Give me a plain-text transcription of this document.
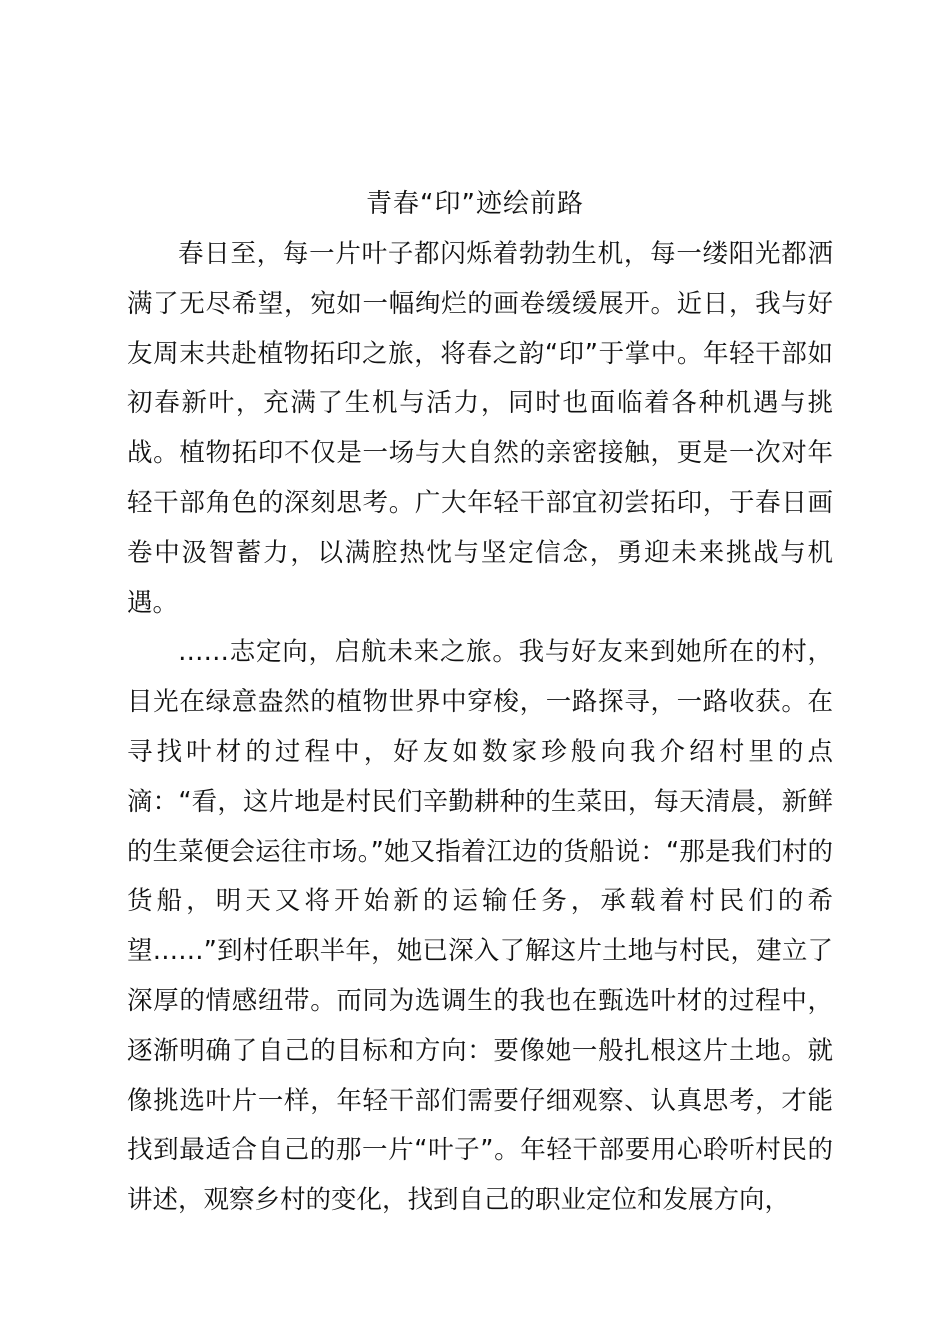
青春“印”迹绘前路

春日至，每一片叶子都闪烁着勃勃生机，每一缕阳光都洒满了无尽希望，宛如一幅绚烂的画卷缓缓展开。近日，我与好友周末共赴植物拓印之旅，将春之韵“印”于掌中。年轻干部如初春新叶，充满了生机与活力，同时也面临着各种机遇与挑战。植物拓印不仅是一场与大自然的亲密接触，更是一次对年轻干部角色的深刻思考。广大年轻干部宜初尝拓印，于春日画卷中汲智蓄力，以满腔热忱与坚定信念，勇迎未来挑战与机遇。

……志定向，启航未来之旅。我与好友来到她所在的村，目光在绿意盎然的植物世界中穿梭，一路探寻，一路收获。在寻找叶材的过程中，好友如数家珍般向我介绍村里的点滴：“看，这片地是村民们辛勤耕种的生菜田，每天清晨，新鲜的生菜便会运往市场。”她又指着江边的货船说：“那是我们村的货船，明天又将开始新的运输任务，承载着村民们的希望……”到村任职半年，她已深入了解这片土地与村民，建立了深厚的情感纽带。而同为选调生的我也在甄选叶材的过程中，逐渐明确了自己的目标和方向：要像她一般扎根这片土地。就像挑选叶片一样，年轻干部们需要仔细观察、认真思考，才能找到最适合自己的那一片“叶子”。年轻干部要用心聆听村民的讲述，观察乡村的变化，找到自己的职业定位和发展方向，
